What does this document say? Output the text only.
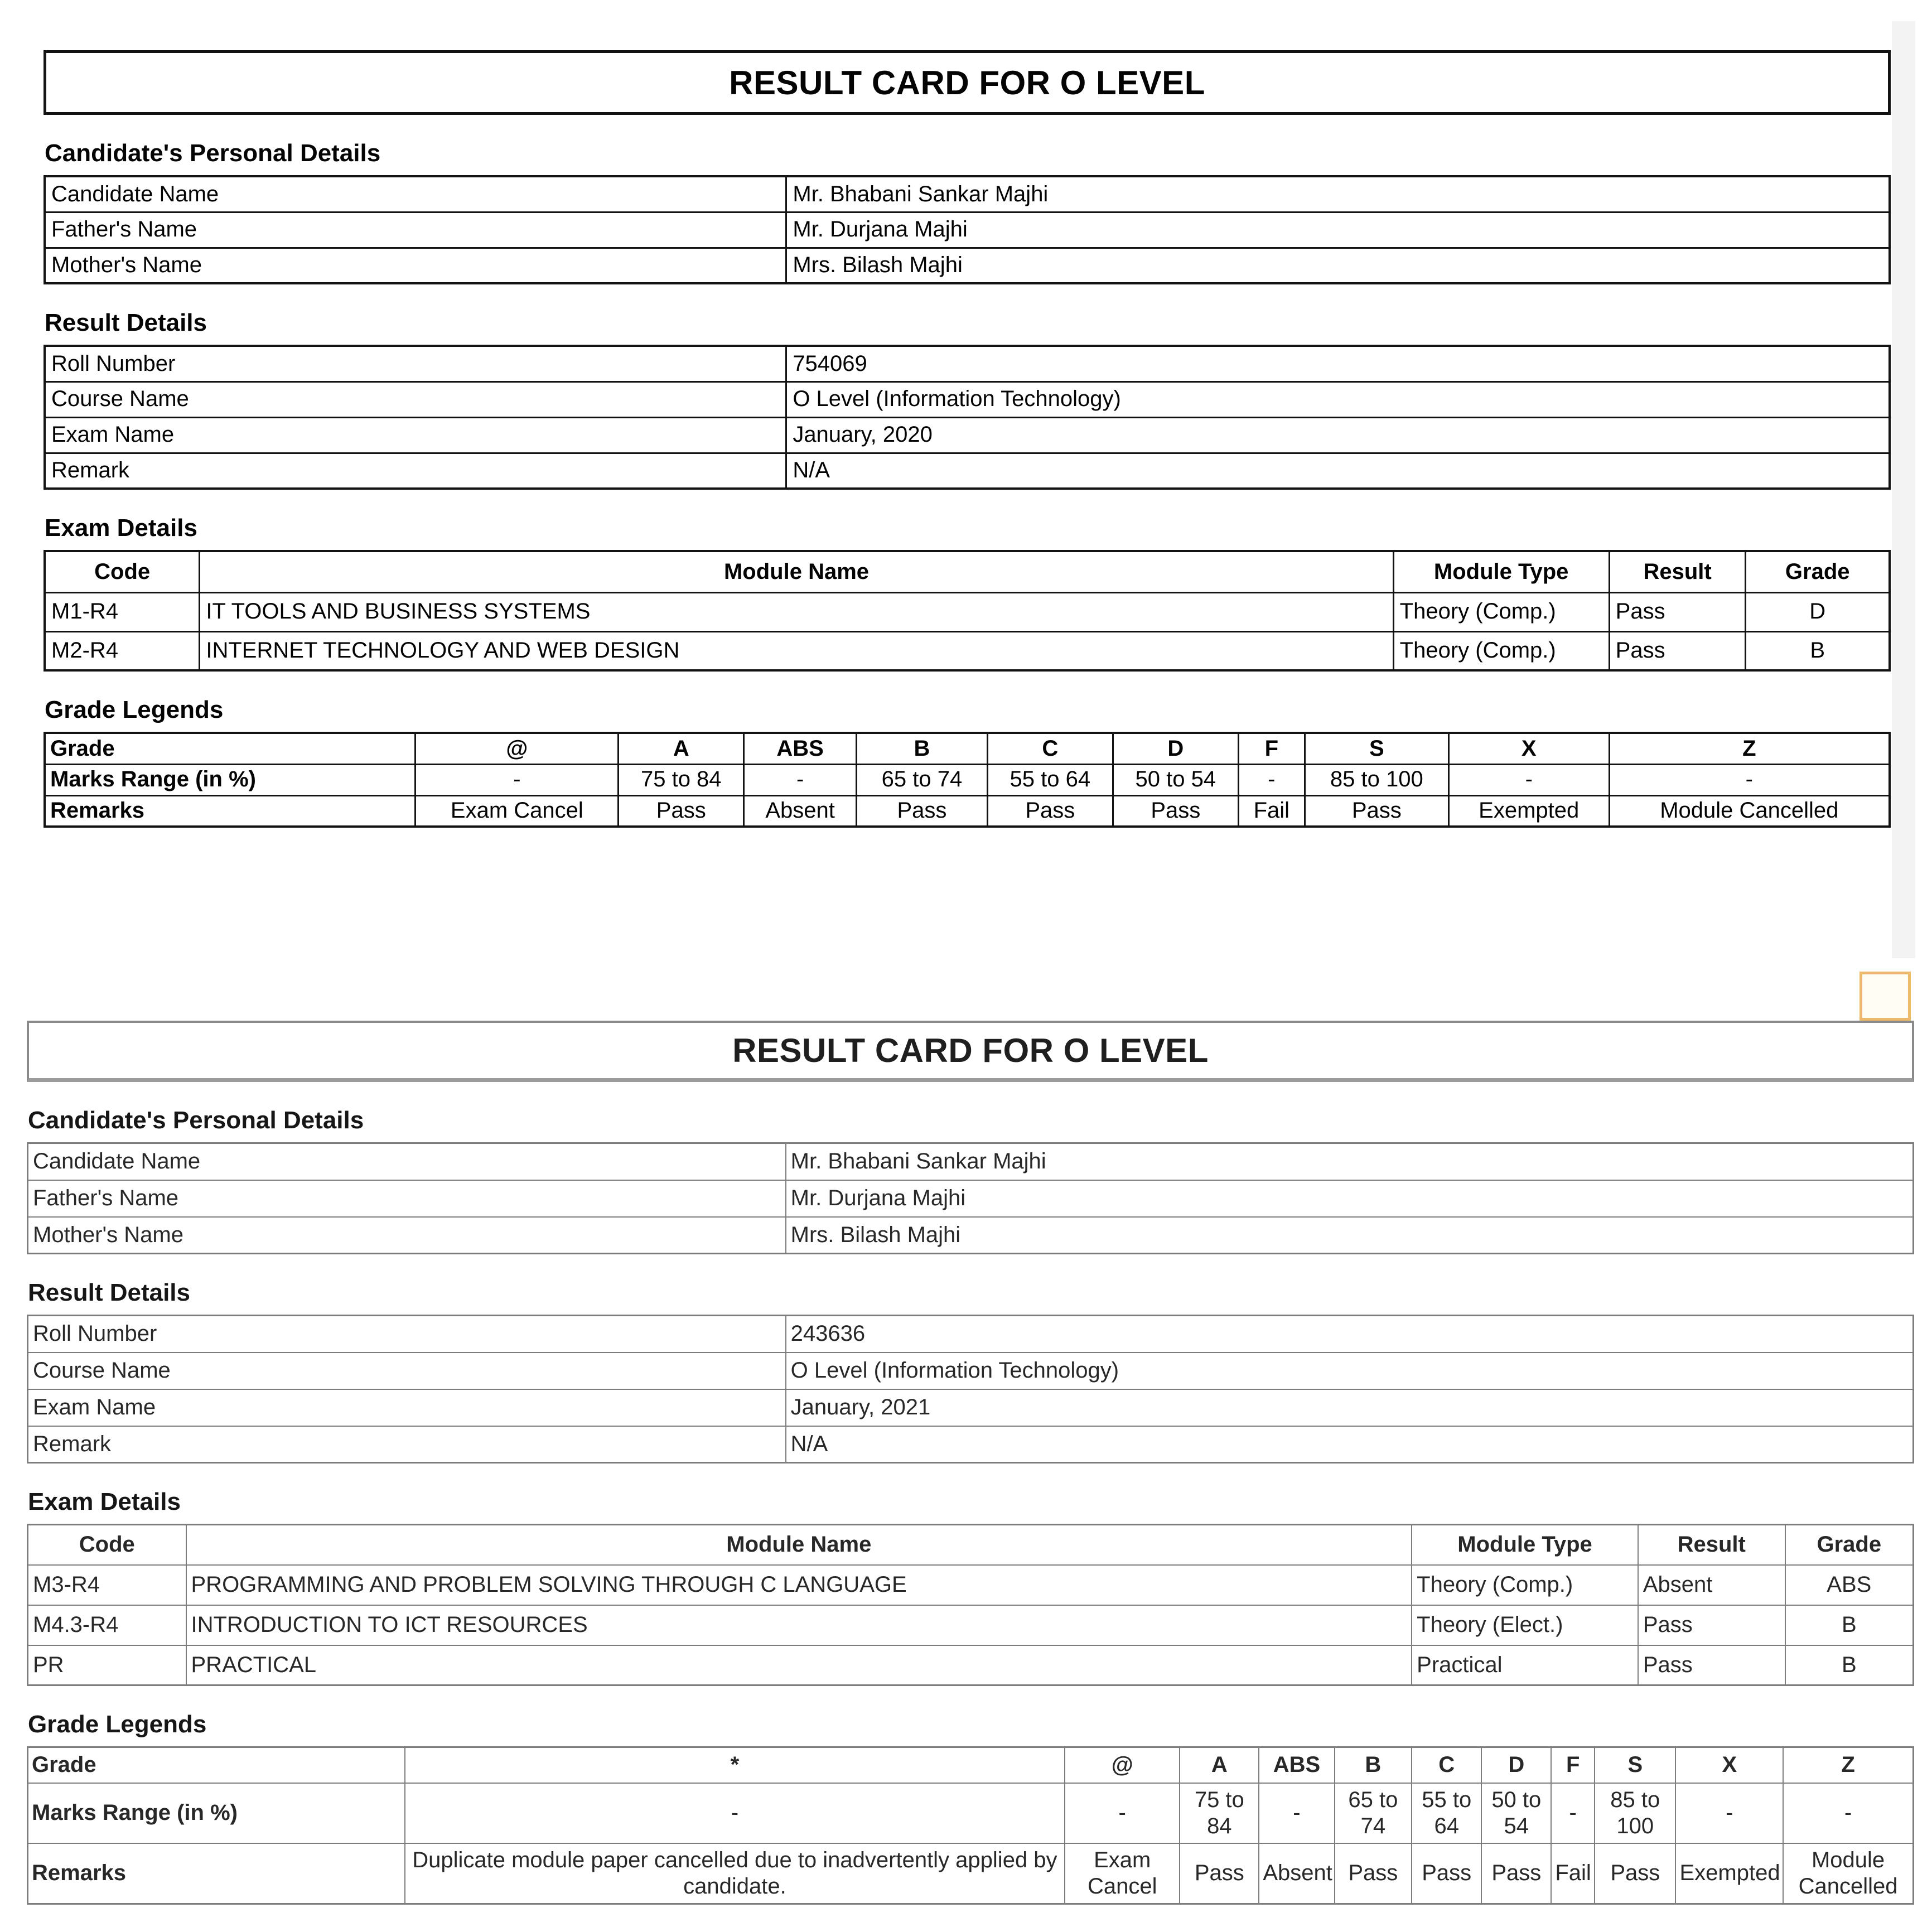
RESULT CARD FOR O LEVEL
Candidate's Personal Details
Candidate Name	Mr. Bhabani Sankar Majhi
Father's Name	Mr. Durjana Majhi
Mother's Name	Mrs. Bilash Majhi
Result Details
Roll Number	754069
Course Name	O Level (Information Technology)
Exam Name	January, 2020
Remark	N/A
Exam Details
Code	Module Name	Module Type	Result	Grade
M1-R4	IT TOOLS AND BUSINESS SYSTEMS	Theory (Comp.)	Pass	D
M2-R4	INTERNET TECHNOLOGY AND WEB DESIGN	Theory (Comp.)	Pass	B
Grade Legends
Grade	@	A	ABS	B	C	D	F	S	X	Z
Marks Range (in %)	-	75 to 84	-	65 to 74	55 to 64	50 to 54	-	85 to 100	-	-
Remarks	Exam Cancel	Pass	Absent	Pass	Pass	Pass	Fail	Pass	Exempted	Module Cancelled
RESULT CARD FOR O LEVEL
Candidate's Personal Details
Candidate Name	Mr. Bhabani Sankar Majhi
Father's Name	Mr. Durjana Majhi
Mother's Name	Mrs. Bilash Majhi
Result Details
Roll Number	243636
Course Name	O Level (Information Technology)
Exam Name	January, 2021
Remark	N/A
Exam Details
Code	Module Name	Module Type	Result	Grade
M3-R4	PROGRAMMING AND PROBLEM SOLVING THROUGH C LANGUAGE	Theory (Comp.)	Absent	ABS
M4.3-R4	INTRODUCTION TO ICT RESOURCES	Theory (Elect.)	Pass	B
PR	PRACTICAL	Practical	Pass	B
Grade Legends
Grade	*	@	A	ABS	B	C	D	F	S	X	Z
Marks Range (in %)	-	-	75 to 84	-	65 to 74	55 to 64	50 to 54	-	85 to 100	-	-
Remarks	Duplicate module paper cancelled due to inadvertently applied by candidate.	Exam Cancel	Pass	Absent	Pass	Pass	Pass	Fail	Pass	Exempted	Module Cancelled
